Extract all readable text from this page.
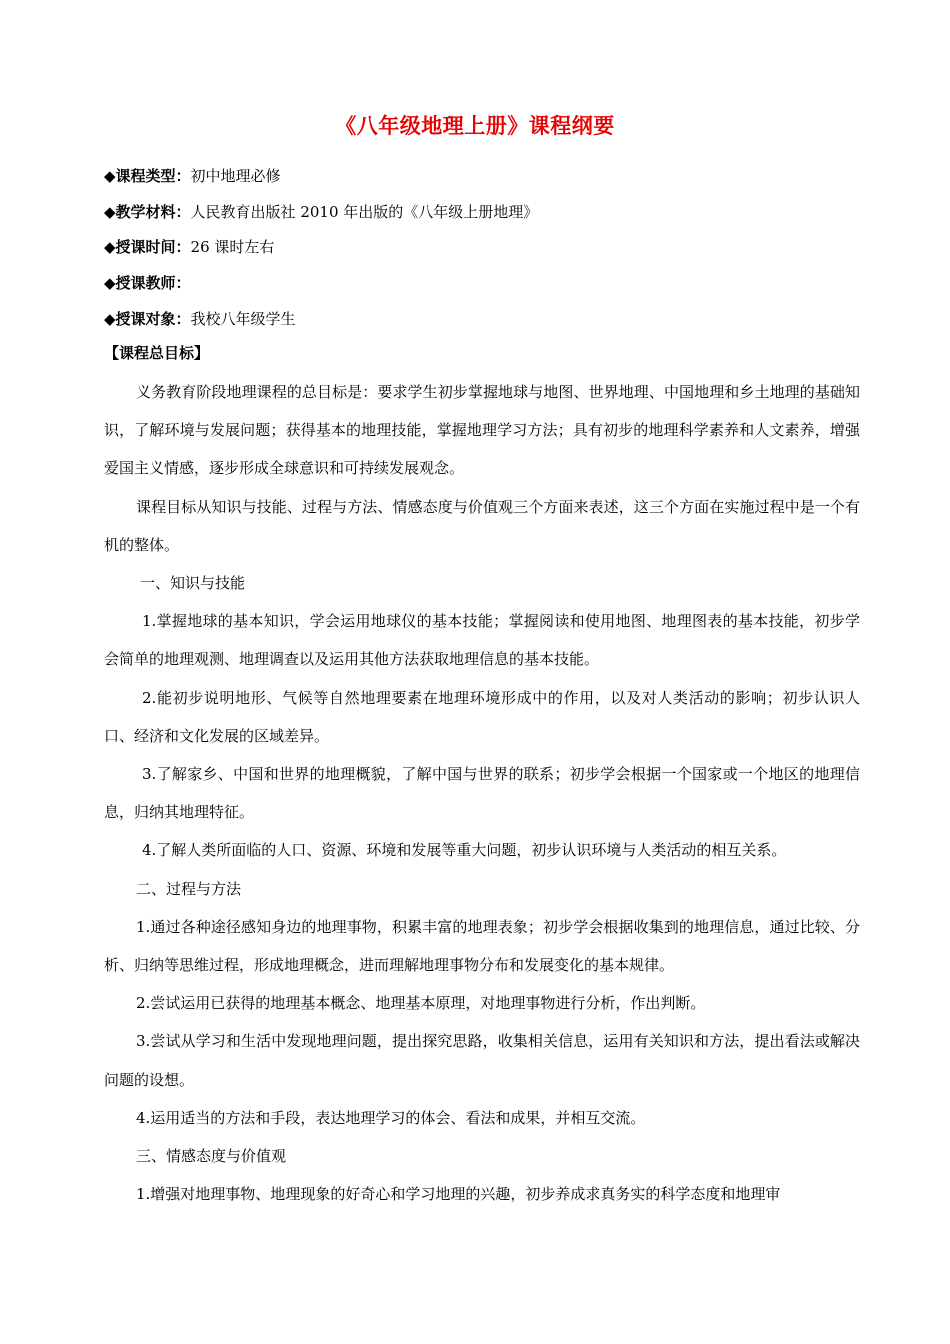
《八年级地理上册》课程纲要
◆课程类型：初中地理必修
◆教学材料：人民教育出版社 2010 年出版的《八年级上册地理》
◆授课时间：26 课时左右
◆授课教师：
◆授课对象：我校八年级学生
【课程总目标】

义务教育阶段地理课程的总目标是：要求学生初步掌握地球与地图、世界地理、中国地理和乡土地理的基础知识，了解环境与发展问题；获得基本的地理技能，掌握地理学习方法；具有初步的地理科学素养和人文素养，增强爱国主义情感，逐步形成全球意识和可持续发展观念。

课程目标从知识与技能、过程与方法、情感态度与价值观三个方面来表述，这三个方面在实施过程中是一个有机的整体。

一、知识与技能

1.掌握地球的基本知识，学会运用地球仪的基本技能；掌握阅读和使用地图、地理图表的基本技能，初步学会简单的地理观测、地理调查以及运用其他方法获取地理信息的基本技能。

2.能初步说明地形、气候等自然地理要素在地理环境形成中的作用，以及对人类活动的影响；初步认识人口、经济和文化发展的区域差异。

3.了解家乡、中国和世界的地理概貌，了解中国与世界的联系；初步学会根据一个国家或一个地区的地理信息，归纳其地理特征。

4.了解人类所面临的人口、资源、环境和发展等重大问题，初步认识环境与人类活动的相互关系。

二、过程与方法

1.通过各种途径感知身边的地理事物，积累丰富的地理表象；初步学会根据收集到的地理信息，通过比较、分析、归纳等思维过程，形成地理概念，进而理解地理事物分布和发展变化的基本规律。

2.尝试运用已获得的地理基本概念、地理基本原理，对地理事物进行分析，作出判断。

3.尝试从学习和生活中发现地理问题，提出探究思路，收集相关信息，运用有关知识和方法，提出看法或解决问题的设想。

4.运用适当的方法和手段，表达地理学习的体会、看法和成果，并相互交流。

三、情感态度与价值观

1.增强对地理事物、地理现象的好奇心和学习地理的兴趣，初步养成求真务实的科学态度和地理审
